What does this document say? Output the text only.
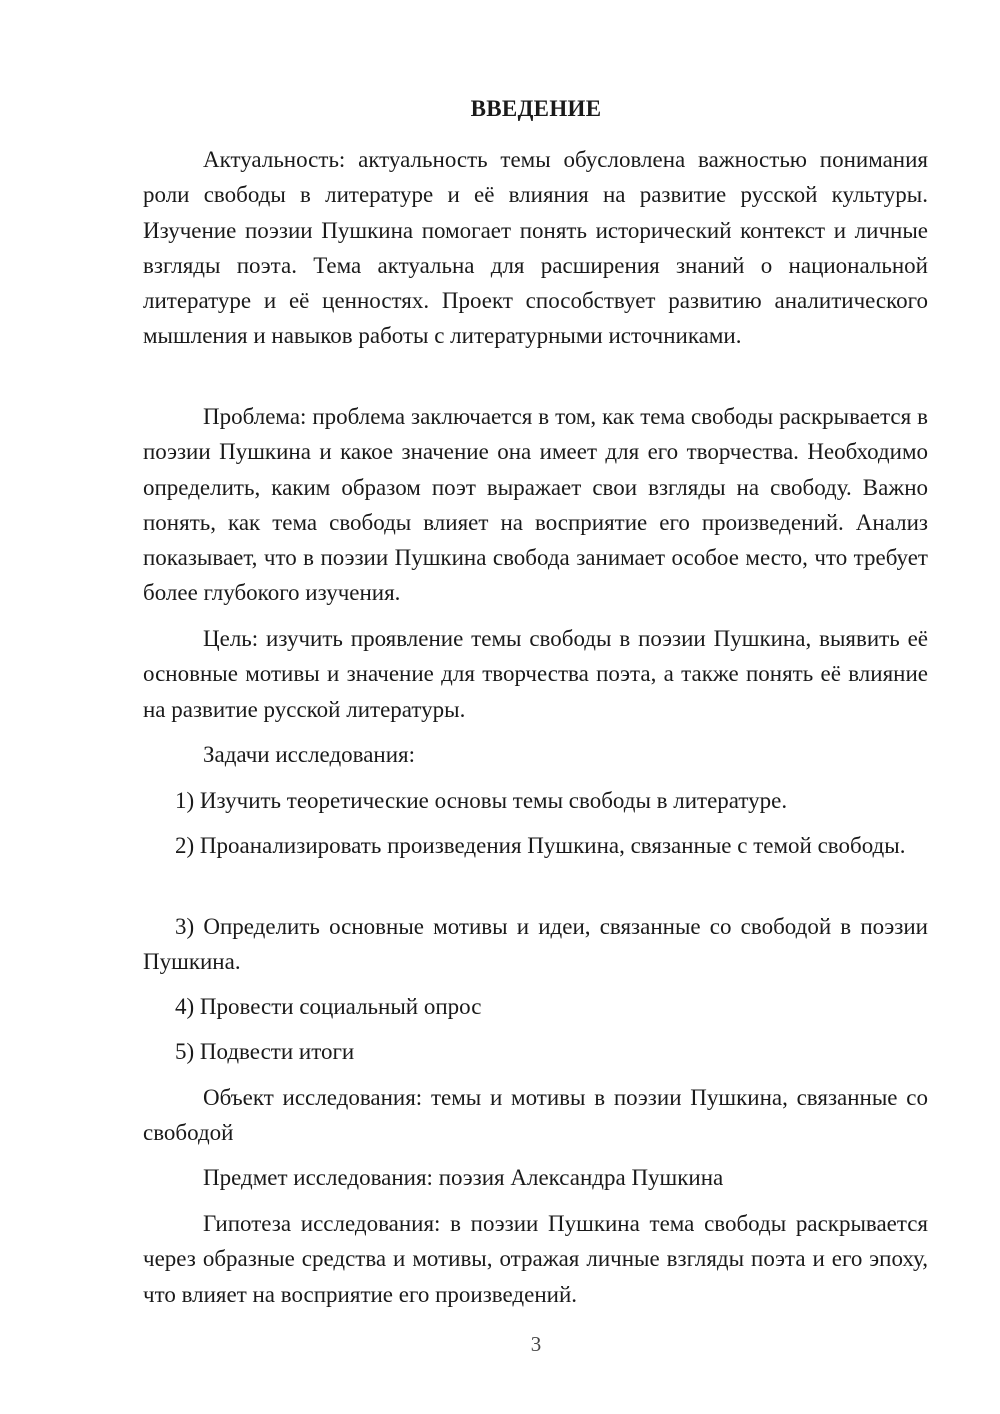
ВВЕДЕНИЕ

Актуальность: актуальность темы обусловлена важностью понимания роли свободы в литературе и её влияния на развитие русской культуры. Изучение поэзии Пушкина помогает понять исторический контекст и личные взгляды поэта. Тема актуальна для расширения знаний о национальной литературе и её ценностях. Проект способствует развитию аналитического мышления и навыков работы с литературными источниками.

Проблема: проблема заключается в том, как тема свободы раскрывается в поэзии Пушкина и какое значение она имеет для его творчества. Необходимо определить, каким образом поэт выражает свои взгляды на свободу. Важно понять, как тема свободы влияет на восприятие его произведений. Анализ показывает, что в поэзии Пушкина свобода занимает особое место, что требует более глубокого изучения.

Цель: изучить проявление темы свободы в поэзии Пушкина, выявить её основные мотивы и значение для творчества поэта, а также понять её влияние на развитие русской литературы.

Задачи исследования:

1) Изучить теоретические основы темы свободы в литературе.

2) Проанализировать произведения Пушкина, связанные с темой свободы.

3) Определить основные мотивы и идеи, связанные со свободой в поэзии Пушкина.

4) Провести социальный опрос

5) Подвести итоги

Объект исследования: темы и мотивы в поэзии Пушкина, связанные со свободой

Предмет исследования: поэзия Александра Пушкина

Гипотеза исследования: в поэзии Пушкина тема свободы раскрывается через образные средства и мотивы, отражая личные взгляды поэта и его эпоху, что влияет на восприятие его произведений.

3
